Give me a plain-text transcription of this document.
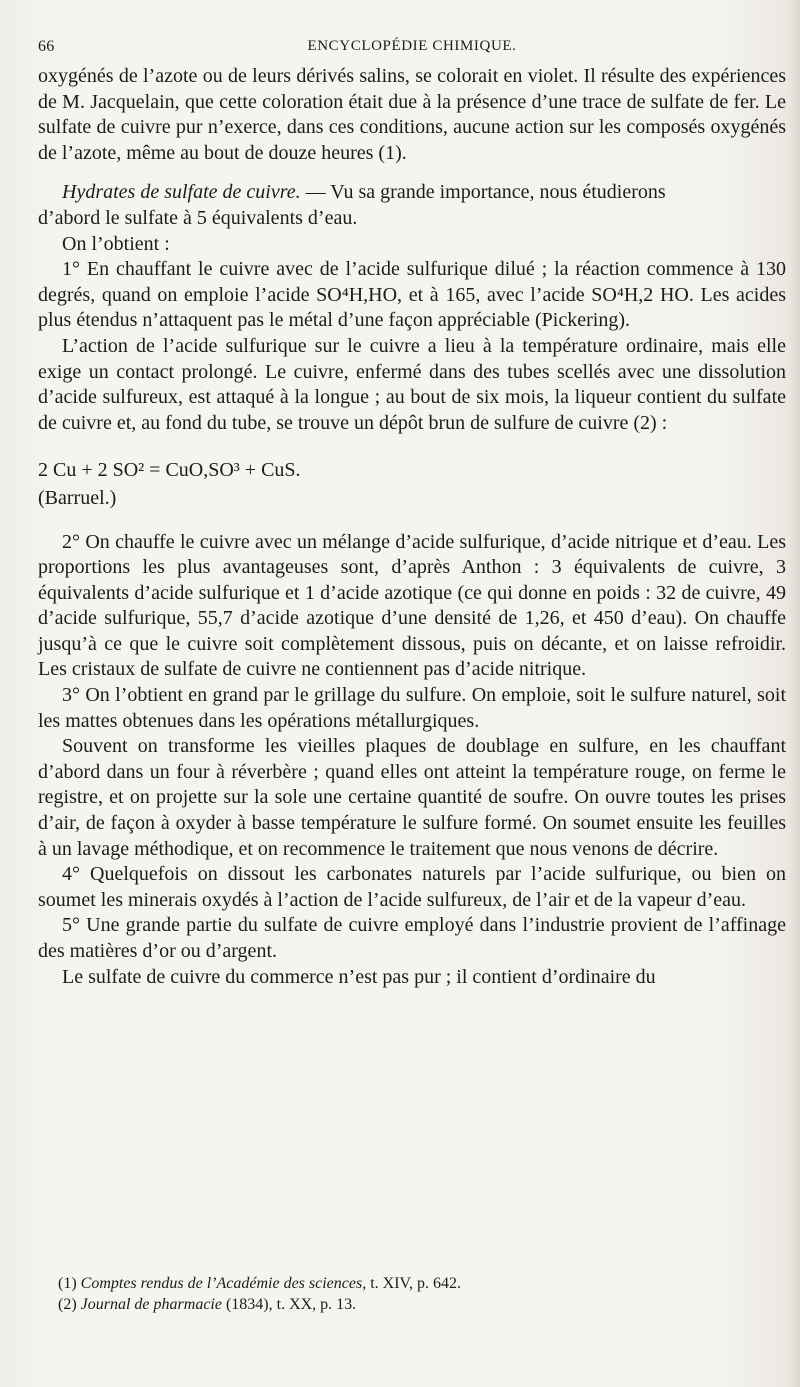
66	ENCYCLOPÉDIE CHIMIQUE.

oxygénés de l’azote ou de leurs dérivés salins, se colorait en violet. Il résulte des expériences de M. Jacquelain, que cette coloration était due à la présence d’une trace de sulfate de fer. Le sulfate de cuivre pur n’exerce, dans ces conditions, aucune action sur les composés oxygénés de l’azote, même au bout de douze heures (1).

Hydrates de sulfate de cuivre. — Vu sa grande importance, nous étudierons

d’abord le sulfate à 5 équivalents d’eau.

On l’obtient :

1° En chauffant le cuivre avec de l’acide sulfurique dilué ; la réaction commence à 130 degrés, quand on emploie l’acide SO⁴H,HO, et à 165, avec l’acide SO⁴H,2 HO. Les acides plus étendus n’attaquent pas le métal d’une façon appréciable (Pickering).

L’action de l’acide sulfurique sur le cuivre a lieu à la température ordinaire, mais elle exige un contact prolongé. Le cuivre, enfermé dans des tubes scellés avec une dissolution d’acide sulfureux, est attaqué à la longue ; au bout de six mois, la liqueur contient du sulfate de cuivre et, au fond du tube, se trouve un dépôt brun de sulfure de cuivre (2) :

2 Cu + 2 SO² = CuO,SO³ + CuS.

(Barruel.)

2° On chauffe le cuivre avec un mélange d’acide sulfurique, d’acide nitrique et d’eau. Les proportions les plus avantageuses sont, d’après Anthon : 3 équivalents de cuivre, 3 équivalents d’acide sulfurique et 1 d’acide azotique (ce qui donne en poids : 32 de cuivre, 49 d’acide sulfurique, 55,7 d’acide azotique d’une densité de 1,26, et 450 d’eau). On chauffe jusqu’à ce que le cuivre soit complètement dissous, puis on décante, et on laisse refroidir. Les cristaux de sulfate de cuivre ne contiennent pas d’acide nitrique.

3° On l’obtient en grand par le grillage du sulfure. On emploie, soit le sulfure naturel, soit les mattes obtenues dans les opérations métallurgiques.

Souvent on transforme les vieilles plaques de doublage en sulfure, en les chauffant d’abord dans un four à réverbère ; quand elles ont atteint la température rouge, on ferme le registre, et on projette sur la sole une certaine quantité de soufre. On ouvre toutes les prises d’air, de façon à oxyder à basse température le sulfure formé. On soumet ensuite les feuilles à un lavage méthodique, et on recommence le traitement que nous venons de décrire.

4° Quelquefois on dissout les carbonates naturels par l’acide sulfurique, ou bien on soumet les minerais oxydés à l’action de l’acide sulfureux, de l’air et de la vapeur d’eau.

5° Une grande partie du sulfate de cuivre employé dans l’industrie provient de l’affinage des matières d’or ou d’argent.

Le sulfate de cuivre du commerce n’est pas pur ; il contient d’ordinaire du

(1) Comptes rendus de l’Académie des sciences, t. XIV, p. 642.

(2) Journal de pharmacie (1834), t. XX, p. 13.
